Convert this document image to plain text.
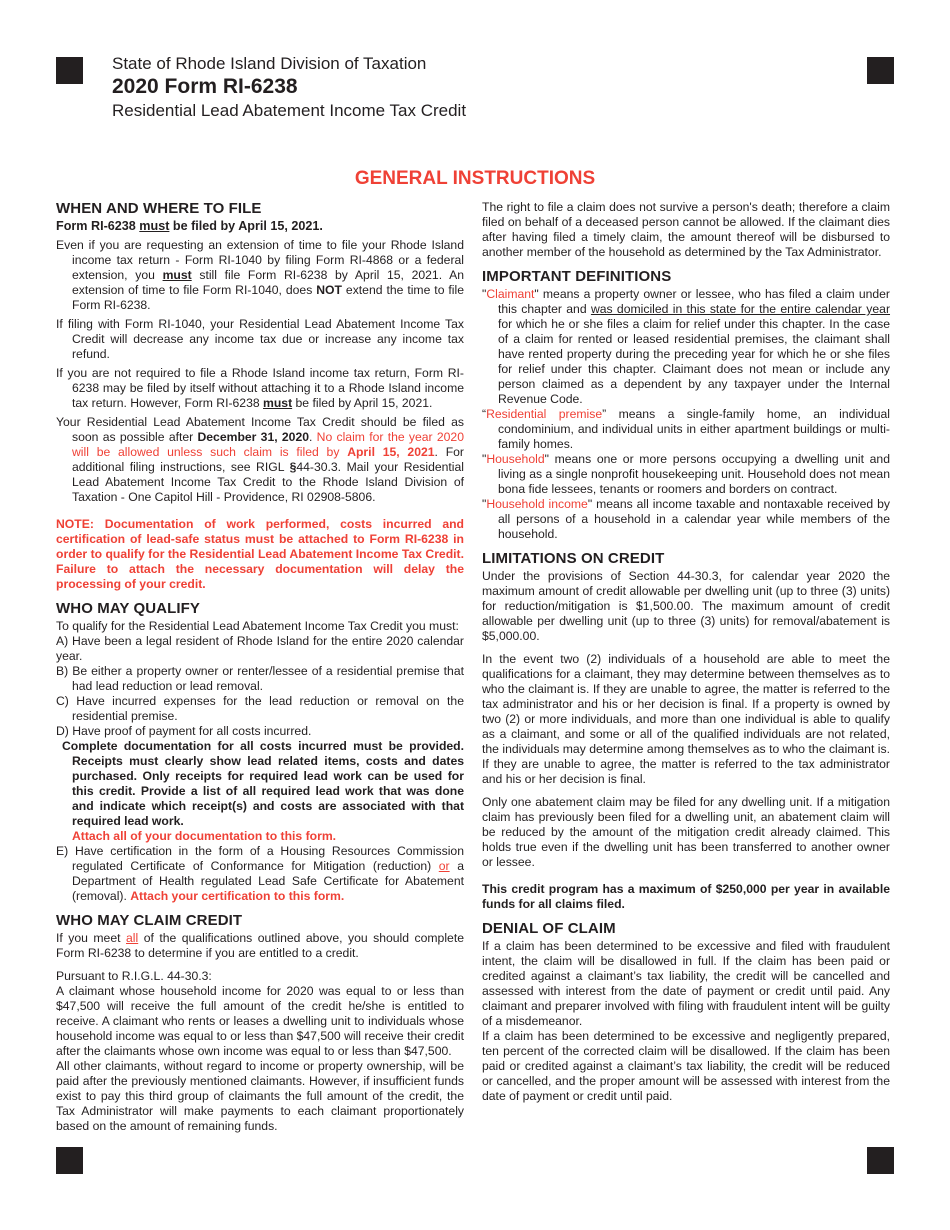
State of Rhode Island Division of Taxation
2020 Form RI-6238
Residential Lead Abatement Income Tax Credit
GENERAL INSTRUCTIONS
WHEN AND WHERE TO FILE

Form RI-6238 must be filed by April 15, 2021.

Even if you are requesting an extension of time to file your Rhode Island income tax return - Form RI-1040 by filing Form RI-4868 or a federal extension, you must still file Form RI-6238 by April 15, 2021. An extension of time to file Form RI-1040, does NOT extend the time to file Form RI-6238.

If filing with Form RI-1040, your Residential Lead Abatement Income Tax Credit will decrease any income tax due or increase any income tax refund.

If you are not required to file a Rhode Island income tax return, Form RI-6238 may be filed by itself without attaching it to a Rhode Island income tax return. However, Form RI-6238 must be filed by April 15, 2021.

Your Residential Lead Abatement Income Tax Credit should be filed as soon as possible after December 31, 2020. No claim for the year 2020 will be allowed unless such claim is filed by April 15, 2021. For additional filing instructions, see RIGL §44-30.3. Mail your Residential Lead Abatement Income Tax Credit to the Rhode Island Division of Taxation - One Capitol Hill - Providence, RI 02908-5806.

NOTE: Documentation of work performed, costs incurred and certification of lead-safe status must be attached to Form RI-6238 in order to qualify for the Residential Lead Abatement Income Tax Credit. Failure to attach the necessary documentation will delay the processing of your credit.

WHO MAY QUALIFY

To qualify for the Residential Lead Abatement Income Tax Credit you must:

A) Have been a legal resident of Rhode Island for the entire 2020 calendar year.

B) Be either a property owner or renter/lessee of a residential premise that had lead reduction or lead removal.

C) Have incurred expenses for the lead reduction or removal on the residential premise.

D) Have proof of payment for all costs incurred.

Complete documentation for all costs incurred must be provided. Receipts must clearly show lead related items, costs and dates purchased. Only receipts for required lead work can be used for this credit. Provide a list of all required lead work that was done and indicate which receipt(s) and costs are associated with that required lead work.

Attach all of your documentation to this form.

E) Have certification in the form of a Housing Resources Commission regulated Certificate of Conformance for Mitigation (reduction) or a Department of Health regulated Lead Safe Certificate for Abatement (removal). Attach your certification to this form.

WHO MAY CLAIM CREDIT

If you meet all of the qualifications outlined above, you should complete Form RI-6238 to determine if you are entitled to a credit.

Pursuant to R.I.G.L. 44-30.3:

A claimant whose household income for 2020 was equal to or less than $47,500 will receive the full amount of the credit he/she is entitled to receive. A claimant who rents or leases a dwelling unit to individuals whose household income was equal to or less than $47,500 will receive their credit after the claimants whose own income was equal to or less than $47,500.

All other claimants, without regard to income or property ownership, will be paid after the previously mentioned claimants. However, if insufficient funds exist to pay this third group of claimants the full amount of the credit, the Tax Administrator will make payments to each claimant proportionately based on the amount of remaining funds.

The right to file a claim does not survive a person's death; therefore a claim filed on behalf of a deceased person cannot be allowed. If the claimant dies after having filed a timely claim, the amount thereof will be disbursed to another member of the household as determined by the Tax Administrator.

IMPORTANT DEFINITIONS

"Claimant" means a property owner or lessee, who has filed a claim under this chapter and was domiciled in this state for the entire calendar year for which he or she files a claim for relief under this chapter. In the case of a claim for rented or leased residential premises, the claimant shall have rented property during the preceding year for which he or she files for relief under this chapter. Claimant does not mean or include any person claimed as a dependent by any taxpayer under the Internal Revenue Code.

“Residential premise” means a single-family home, an individual condominium, and individual units in either apartment buildings or multi-family homes.

"Household" means one or more persons occupying a dwelling unit and living as a single nonprofit housekeeping unit. Household does not mean bona fide lessees, tenants or roomers and borders on contract.

"Household income" means all income taxable and nontaxable received by all persons of a household in a calendar year while members of the household.

LIMITATIONS ON CREDIT

Under the provisions of Section 44-30.3, for calendar year 2020 the maximum amount of credit allowable per dwelling unit (up to three (3) units) for reduction/mitigation is $1,500.00. The maximum amount of credit allowable per dwelling unit (up to three (3) units) for removal/abatement is $5,000.00.

In the event two (2) individuals of a household are able to meet the qualifications for a claimant, they may determine between themselves as to who the claimant is. If they are unable to agree, the matter is referred to the tax administrator and his or her decision is final. If a property is owned by two (2) or more individuals, and more than one individual is able to qualify as a claimant, and some or all of the qualified individuals are not related, the individuals may determine among themselves as to who the claimant is. If they are unable to agree, the matter is referred to the tax administrator and his or her decision is final.

Only one abatement claim may be filed for any dwelling unit. If a mitigation claim has previously been filed for a dwelling unit, an abatement claim will be reduced by the amount of the mitigation credit already claimed. This holds true even if the dwelling unit has been transferred to another owner or lessee.

This credit program has a maximum of $250,000 per year in available funds for all claims filed.

DENIAL OF CLAIM

If a claim has been determined to be excessive and filed with fraudulent intent, the claim will be disallowed in full. If the claim has been paid or credited against a claimant’s tax liability, the credit will be cancelled and assessed with interest from the date of payment or credit until paid. Any claimant and preparer involved with filing with fraudulent intent will be guilty of a misdemeanor.

If a claim has been determined to be excessive and negligently prepared, ten percent of the corrected claim will be disallowed. If the claim has been paid or credited against a claimant’s tax liability, the credit will be reduced or cancelled, and the proper amount will be assessed with interest from the date of payment or credit until paid.
